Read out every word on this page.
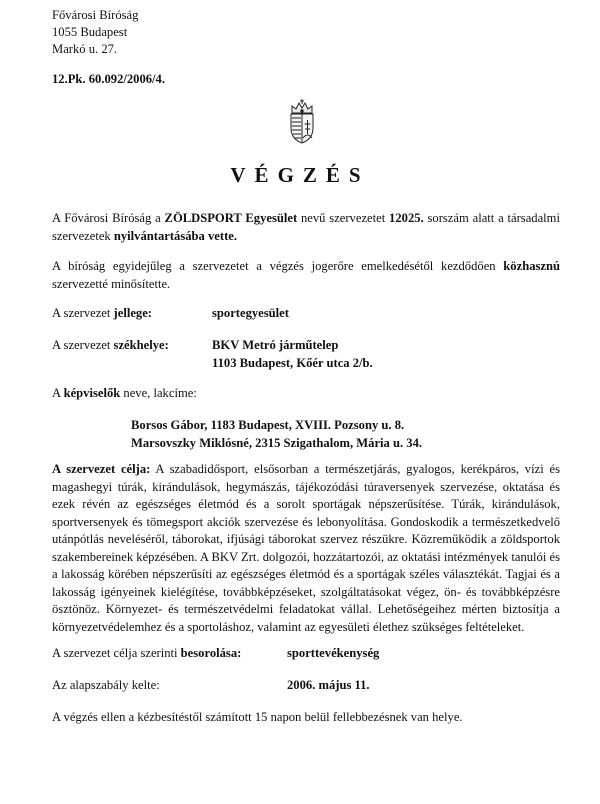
Fővárosi Bíróság
1055 Budapest
Markó u. 27.
12.Pk. 60.092/2006/4.
VÉGZÉS

A Fővárosi Bíróság a ZÖLDSPORT Egyesület nevű szervezetet 12025. sorszám alatt a társadalmi szervezetek nyilvántartásába vette.

A bíróság egyidejűleg a szervezetet a végzés jogerőre emelkedésétől kezdődően közhasznú szervezetté minősítette.

A szervezet jellege:	sportegyesület

A szervezet székhelye:	BKV Metró járműtelep
1103 Budapest, Kőér utca 2/b.

A képviselők neve, lakcíme:

Borsos Gábor, 1183 Budapest, XVIII. Pozsony u. 8.
Marsovszky Miklósné, 2315 Szigathalom, Mária u. 34.

A szervezet célja: A szabadidősport, elsősorban a természetjárás, gyalogos, kerékpáros, vízi és magashegyi túrák, kirándulások, hegymászás, tájékozódási túraversenyek szervezése, oktatása és ezek révén az egészséges életmód és a sorolt sportágak népszerűsítése. Túrák, kirándulások, sportversenyek és tömegsport akciók szervezése és lebonyolítása. Gondoskodik a természetkedvelő utánpótlás neveléséről, táborokat, ifjúsági táborokat szervez részükre. Közreműködik a zöldsportok szakembereinek képzésében. A BKV Zrt. dolgozói, hozzátartozói, az oktatási intézmények tanulói és a lakosság körében népszerűsíti az egészséges életmód és a sportágak széles választékát. Tagjai és a lakosság igényeinek kielégítése, továbbképzéseket, szolgáltatásokat végez, ön- és továbbképzésre ösztönöz. Környezet- és természetvédelmi feladatokat vállal. Lehetőségeihez mérten biztosítja a környezetvédelemhez és a sportoláshoz, valamint az egyesületi élethez szükséges feltételeket.

A szervezet célja szerinti besorolása:	sporttevékenység

Az alapszabály kelte:	2006. május 11.

A végzés ellen a kézbesítéstől számított 15 napon belül fellebbezésnek van helye.
